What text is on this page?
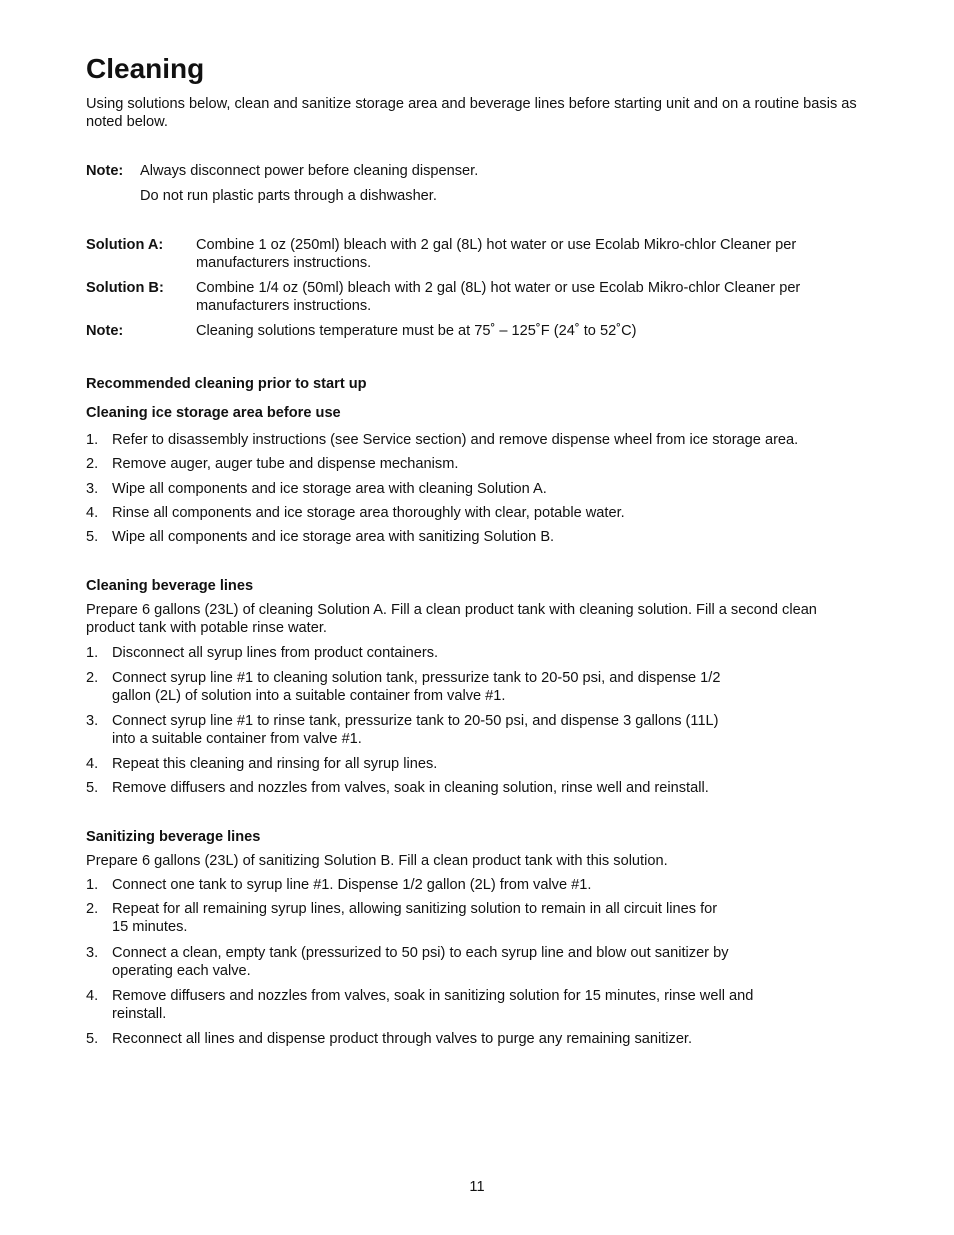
Cleaning
Using solutions below, clean and sanitize storage area and beverage lines before starting unit and on a routine basis as noted below.
Note:	Always disconnect power before cleaning dispenser.
Do not run plastic parts through a dishwasher.
Solution A:	Combine 1 oz (250ml) bleach with 2 gal (8L) hot water or use Ecolab Mikro-chlor Cleaner per manufacturers instructions.
Solution B:	Combine 1/4 oz (50ml) bleach with 2 gal (8L) hot water or use Ecolab Mikro-chlor Cleaner per manufacturers instructions.
Note:	Cleaning solutions temperature must be at 75˚ – 125˚F (24˚ to 52˚C)
Recommended cleaning prior to start up
Cleaning ice storage area before use
1. Refer to disassembly instructions (see Service section) and remove dispense wheel from ice storage area.
2. Remove auger, auger tube and dispense mechanism.
3. Wipe all components and ice storage area with cleaning Solution A.
4. Rinse all components and ice storage area thoroughly with clear, potable water.
5. Wipe all components and ice storage area with sanitizing Solution B.
Cleaning beverage lines
Prepare 6 gallons (23L) of cleaning Solution A. Fill a clean product tank with cleaning solution. Fill a second clean product tank with potable rinse water.
1. Disconnect all syrup lines from product containers.
2. Connect syrup line #1 to cleaning solution tank, pressurize tank to 20-50 psi, and dispense 1/2
gallon (2L) of solution into a suitable container from valve #1.
3. Connect syrup line #1 to rinse tank, pressurize tank to 20-50 psi, and dispense 3 gallons (11L)
into a suitable container from valve #1.
4. Repeat this cleaning and rinsing for all syrup lines.
5. Remove diffusers and nozzles from valves, soak in cleaning solution, rinse well and reinstall.
Sanitizing beverage lines
Prepare 6 gallons (23L) of sanitizing Solution B. Fill a clean product tank with this solution.
1. Connect one tank to syrup line #1. Dispense 1/2 gallon (2L) from valve #1.
2. Repeat for all remaining syrup lines, allowing sanitizing solution to remain in all circuit lines for
15 minutes.
3. Connect a clean, empty tank (pressurized to 50 psi) to each syrup line and blow out sanitizer by
operating each valve.
4. Remove diffusers and nozzles from valves, soak in sanitizing solution for 15 minutes, rinse well and
reinstall.
5. Reconnect all lines and dispense product through valves to purge any remaining sanitizer.
11
